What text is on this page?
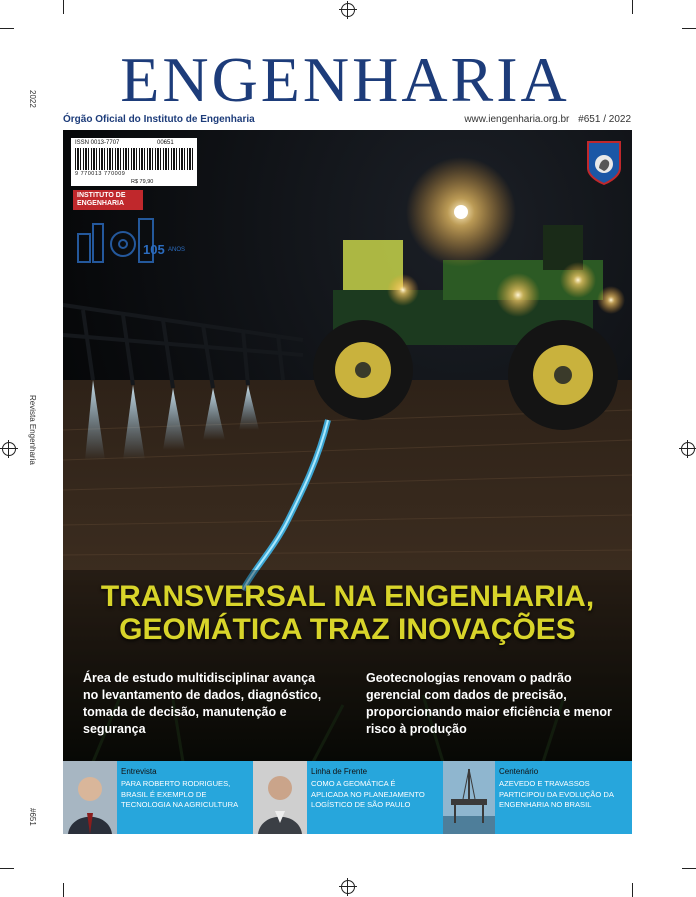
2022
Revista Engenharia
#651
ENGENHARIA
Órgão Oficial do Instituto de Engenharia	www.iengenharia.org.br #651 / 2022
ISSN 0013-7707	00651
9 770013 770009
R$ 79,90
INSTITUTO DE
ENGENHARIA
105 ANOS
TRANSVERSAL NA ENGENHARIA,
GEOMÁTICA TRAZ INOVAÇÕES
Área de estudo multidisciplinar avança no levantamento de dados, diagnóstico, tomada de decisão, manutenção e segurança
Geotecnologias renovam o padrão gerencial com dados de precisão, proporcionando maior eficiência e menor risco à produção
Entrevista
PARA ROBERTO RODRIGUES, BRASIL É EXEMPLO DE TECNOLOGIA NA AGRICULTURA
Linha de Frente
COMO A GEOMÁTICA É APLICADA NO PLANEJAMENTO LOGÍSTICO DE SÃO PAULO
Centenário
AZEVEDO E TRAVASSOS PARTICIPOU DA EVOLUÇÃO DA ENGENHARIA NO BRASIL
